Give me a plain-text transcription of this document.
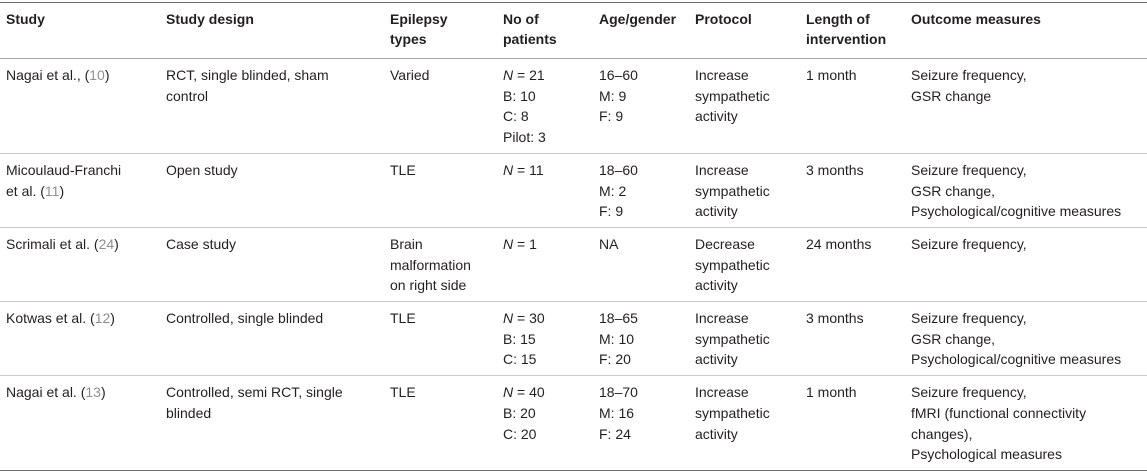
Study	Study design	Epilepsy
types	No of
patients	Age/gender	Protocol	Length of
intervention	Outcome measures

Nagai et al., (10)	RCT, single blinded, sham
control	Varied	N = 21
B: 10
C: 8
Pilot: 3	16–60
M: 9
F: 9	Increase
sympathetic
activity	1 month	Seizure frequency,
GSR change

Micoulaud-Franchi
et al. (11)	Open study	TLE	N = 11	18–60
M: 2
F: 9	Increase
sympathetic
activity	3 months	Seizure frequency,
GSR change,
Psychological/cognitive measures

Scrimali et al. (24)	Case study	Brain
malformation
on right side	N = 1	NA	Decrease
sympathetic
activity	24 months	Seizure frequency,

Kotwas et al. (12)	Controlled, single blinded	TLE	N = 30
B: 15
C: 15	18–65
M: 10
F: 20	Increase
sympathetic
activity	3 months	Seizure frequency,
GSR change,
Psychological/cognitive measures

Nagai et al. (13)	Controlled, semi RCT, single
blinded	TLE	N = 40
B: 20
C: 20	18–70
M: 16
F: 24	Increase
sympathetic
activity	1 month	Seizure frequency,
fMRI (functional connectivity
changes),
Psychological measures
